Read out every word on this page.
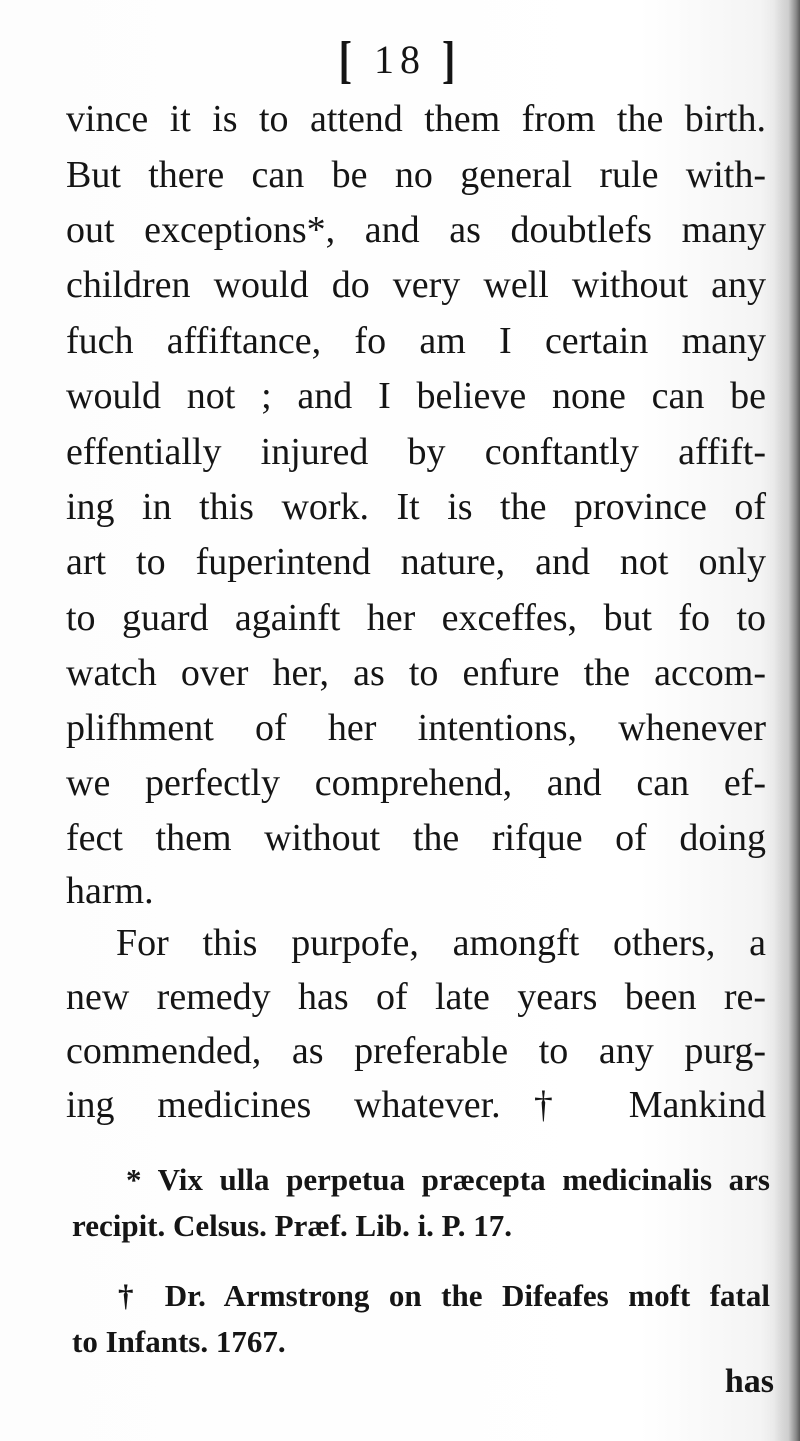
[ 18 ]
vince it is to attend them from the birth.
But there can be no general rule with-
out exceptions*, and as doubtlefs many
children would do very well without any
fuch affiftance, fo am I certain many
would not ; and I believe none can be
effentially injured by conftantly affift-
ing in this work. It is the province of
art to fuperintend nature, and not only
to guard againft her exceffes, but fo to
watch over her, as to enfure the accom-
plifhment of her intentions, whenever
we perfectly comprehend, and can ef-
fect them without the rifque of doing
harm.
For this purpofe, amongft others, a
new remedy has of late years been re-
commended, as preferable to any purg-
ing medicines whatever.† Mankind
* Vix ulla perpetua præcepta medicinalis ars
recipit. Celsus. Præf. Lib. i. P. 17.
† Dr. Armstrong on the Difeafes moft fatal
to Infants. 1767.
has
